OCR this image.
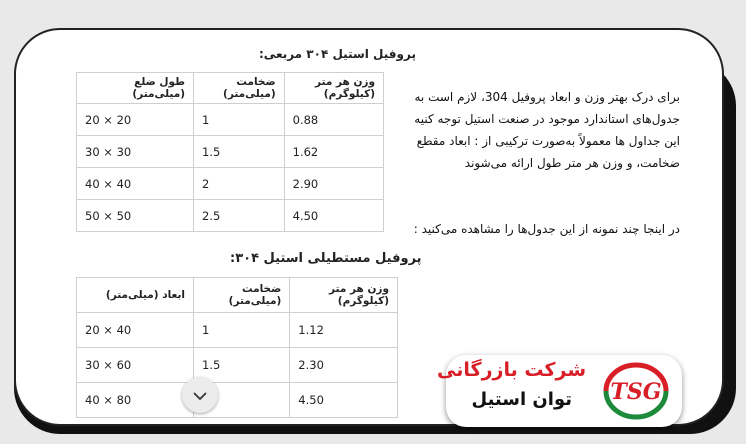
پروفیل استیل ۳۰۴ مربعی:
طول ضلع (میلی‌متر)	ضخامت (میلی‌متر)	وزن هر متر (کیلوگرم)
20 × 20	1	0.88
30 × 30	1.5	1.62
40 × 40	2	2.90
50 × 50	2.5	4.50
پروفیل مستطیلی استیل ۳۰۴:
ابعاد (میلی‌متر)	ضخامت (میلی‌متر)	وزن هر متر (کیلوگرم)
20 × 40	1	1.12
30 × 60	1.5	2.30
40 × 80		4.50
برای درک بهتر وزن و ابعاد پروفیل 304، لازم است به
جدول‌های استاندارد موجود در صنعت استیل توجه کنیه
این جداول ها معمولاً به‌صورت ترکیبی از : ابعاد مقطع
ضخامت، و وزن هر متر طول ارائه می‌شوند
در اینجا چند نمونه از این جدول‌ها را مشاهده می‌کنید :
شرکت بازرگانی
توان استیل TSG
